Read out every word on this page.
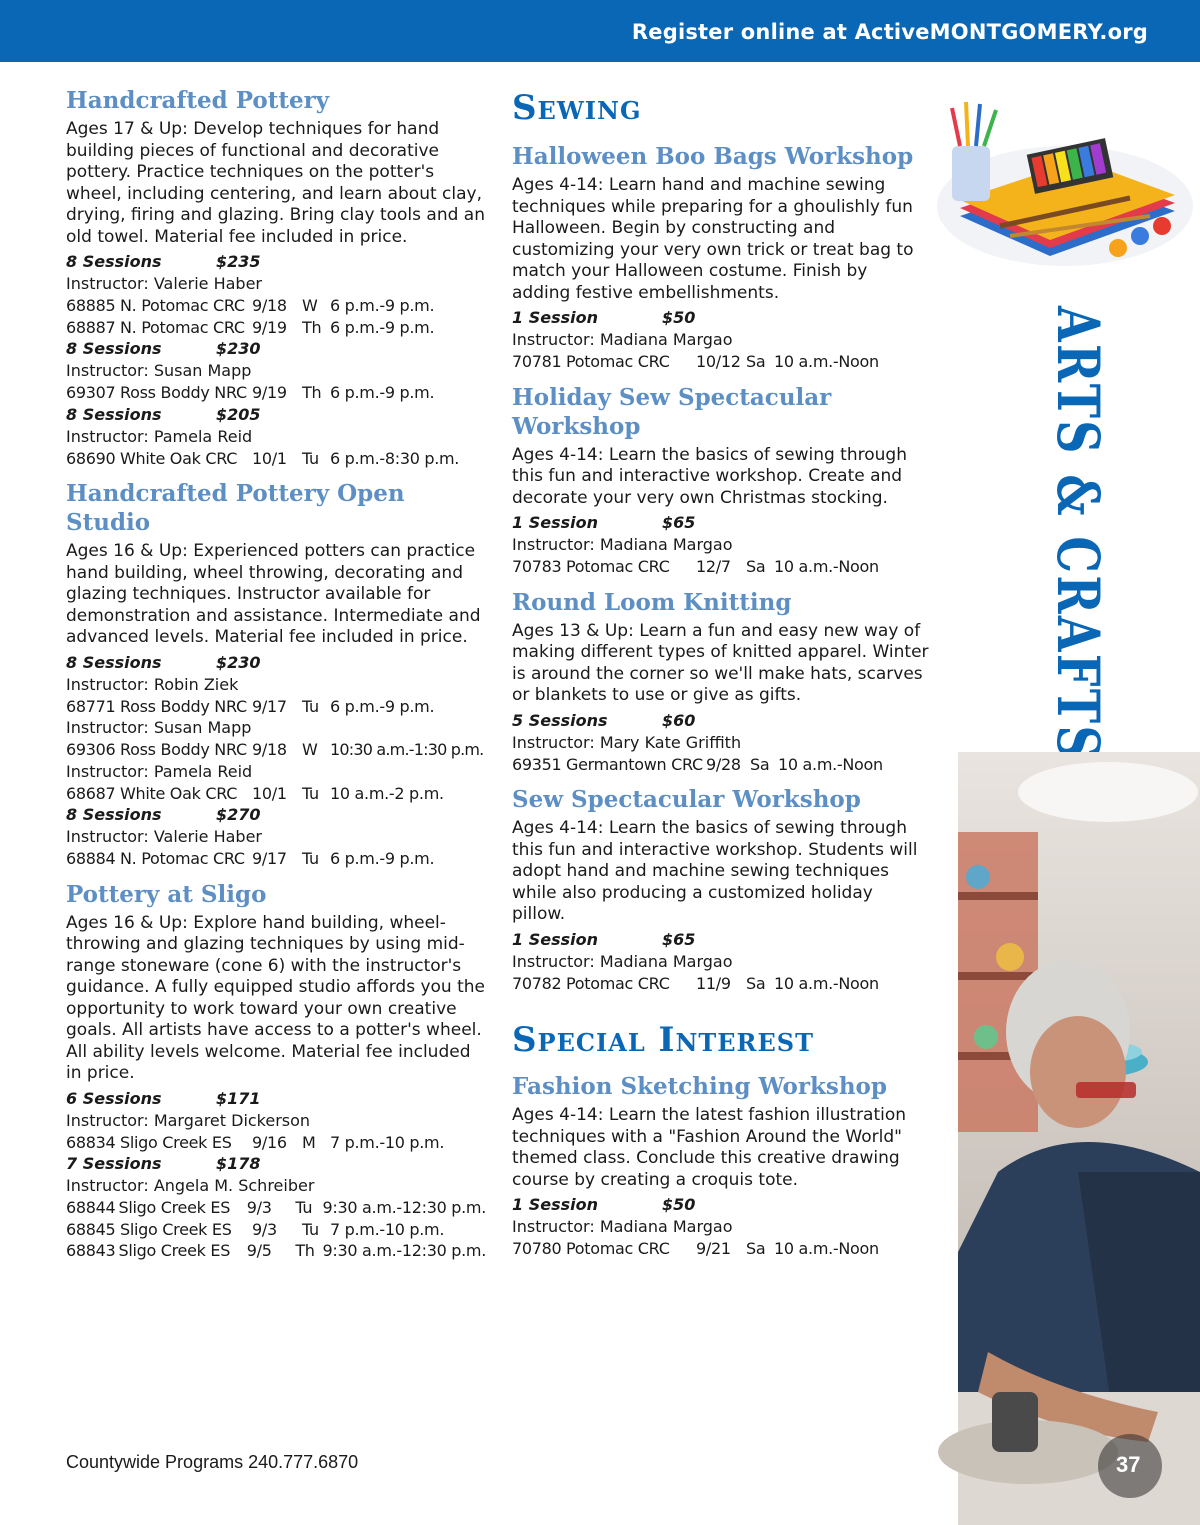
Register online at ActiveMONTGOMERY.org
Handcrafted Pottery
Ages 17 & Up: Develop techniques for hand building pieces of functional and decorative pottery. Practice techniques on the potter's wheel, including centering, and learn about clay, drying, firing and glazing. Bring clay tools and an old towel. Material fee included in price.
8 Sessions	$235
Instructor: Valerie Haber
68885 N. Potomac CRC 9/18 W 6 p.m.-9 p.m.
68887 N. Potomac CRC 9/19 Th 6 p.m.-9 p.m.
8 Sessions	$230
Instructor: Susan Mapp
69307 Ross Boddy NRC 9/19 Th 6 p.m.-9 p.m.
8 Sessions	$205
Instructor: Pamela Reid
68690 White Oak CRC 10/1 Tu 6 p.m.-8:30 p.m.
Handcrafted Pottery Open Studio
Ages 16 & Up: Experienced potters can practice hand building, wheel throwing, decorating and glazing techniques. Instructor available for demonstration and assistance. Intermediate and advanced levels. Material fee included in price.
8 Sessions	$230
Instructor: Robin Ziek
68771 Ross Boddy NRC 9/17 Tu 6 p.m.-9 p.m.
Instructor: Susan Mapp
69306 Ross Boddy NRC 9/18 W 10:30 a.m.-1:30 p.m.
Instructor: Pamela Reid
68687 White Oak CRC 10/1 Tu 10 a.m.-2 p.m.
8 Sessions	$270
Instructor: Valerie Haber
68884 N. Potomac CRC 9/17 Tu 6 p.m.-9 p.m.
Pottery at Sligo
Ages 16 & Up: Explore hand building, wheel-throwing and glazing techniques by using mid-range stoneware (cone 6) with the instructor's guidance. A fully equipped studio affords you the opportunity to work toward your own creative goals. All artists have access to a potter's wheel. All ability levels welcome. Material fee included in price.
6 Sessions	$171
Instructor: Margaret Dickerson
68834 Sligo Creek ES	9/16 M 7 p.m.-10 p.m.
7 Sessions	$178
Instructor: Angela M. Schreiber
68844 Sligo Creek ES	9/3	Tu 9:30 a.m.-12:30 p.m.
68845 Sligo Creek ES	9/3	Tu 7 p.m.-10 p.m.
68843 Sligo Creek ES	9/5	Th 9:30 a.m.-12:30 p.m.
Sewing
Halloween Boo Bags Workshop
Ages 4-14: Learn hand and machine sewing techniques while preparing for a ghoulishly fun Halloween. Begin by constructing and customizing your very own trick or treat bag to match your Halloween costume. Finish by adding festive embellishments.
1 Session	$50
Instructor: Madiana Margao
70781 Potomac CRC	10/12 Sa 10 a.m.-Noon
Holiday Sew Spectacular Workshop
Ages 4-14: Learn the basics of sewing through this fun and interactive workshop. Create and decorate your very own Christmas stocking.
1 Session	$65
Instructor: Madiana Margao
70783 Potomac CRC	12/7 Sa 10 a.m.-Noon
Round Loom Knitting
Ages 13 & Up: Learn a fun and easy new way of making different types of knitted apparel. Winter is around the corner so we'll make hats, scarves or blankets to use or give as gifts.
5 Sessions	$60
Instructor: Mary Kate Griffith
69351 Germantown CRC 9/28 Sa 10 a.m.-Noon
Sew Spectacular Workshop
Ages 4-14: Learn the basics of sewing through this fun and interactive workshop. Students will adopt hand and machine sewing techniques while also producing a customized holiday pillow.
1 Session	$65
Instructor: Madiana Margao
70782 Potomac CRC	11/9 Sa 10 a.m.-Noon
Special Interest
Fashion Sketching Workshop
Ages 4-14: Learn the latest fashion illustration techniques with a "Fashion Around the World" themed class. Conclude this creative drawing course by creating a croquis tote.
1 Session	$50
Instructor: Madiana Margao
70780 Potomac CRC	9/21 Sa 10 a.m.-Noon
ARTS & CRAFTS
Countywide Programs 240.777.6870	37
